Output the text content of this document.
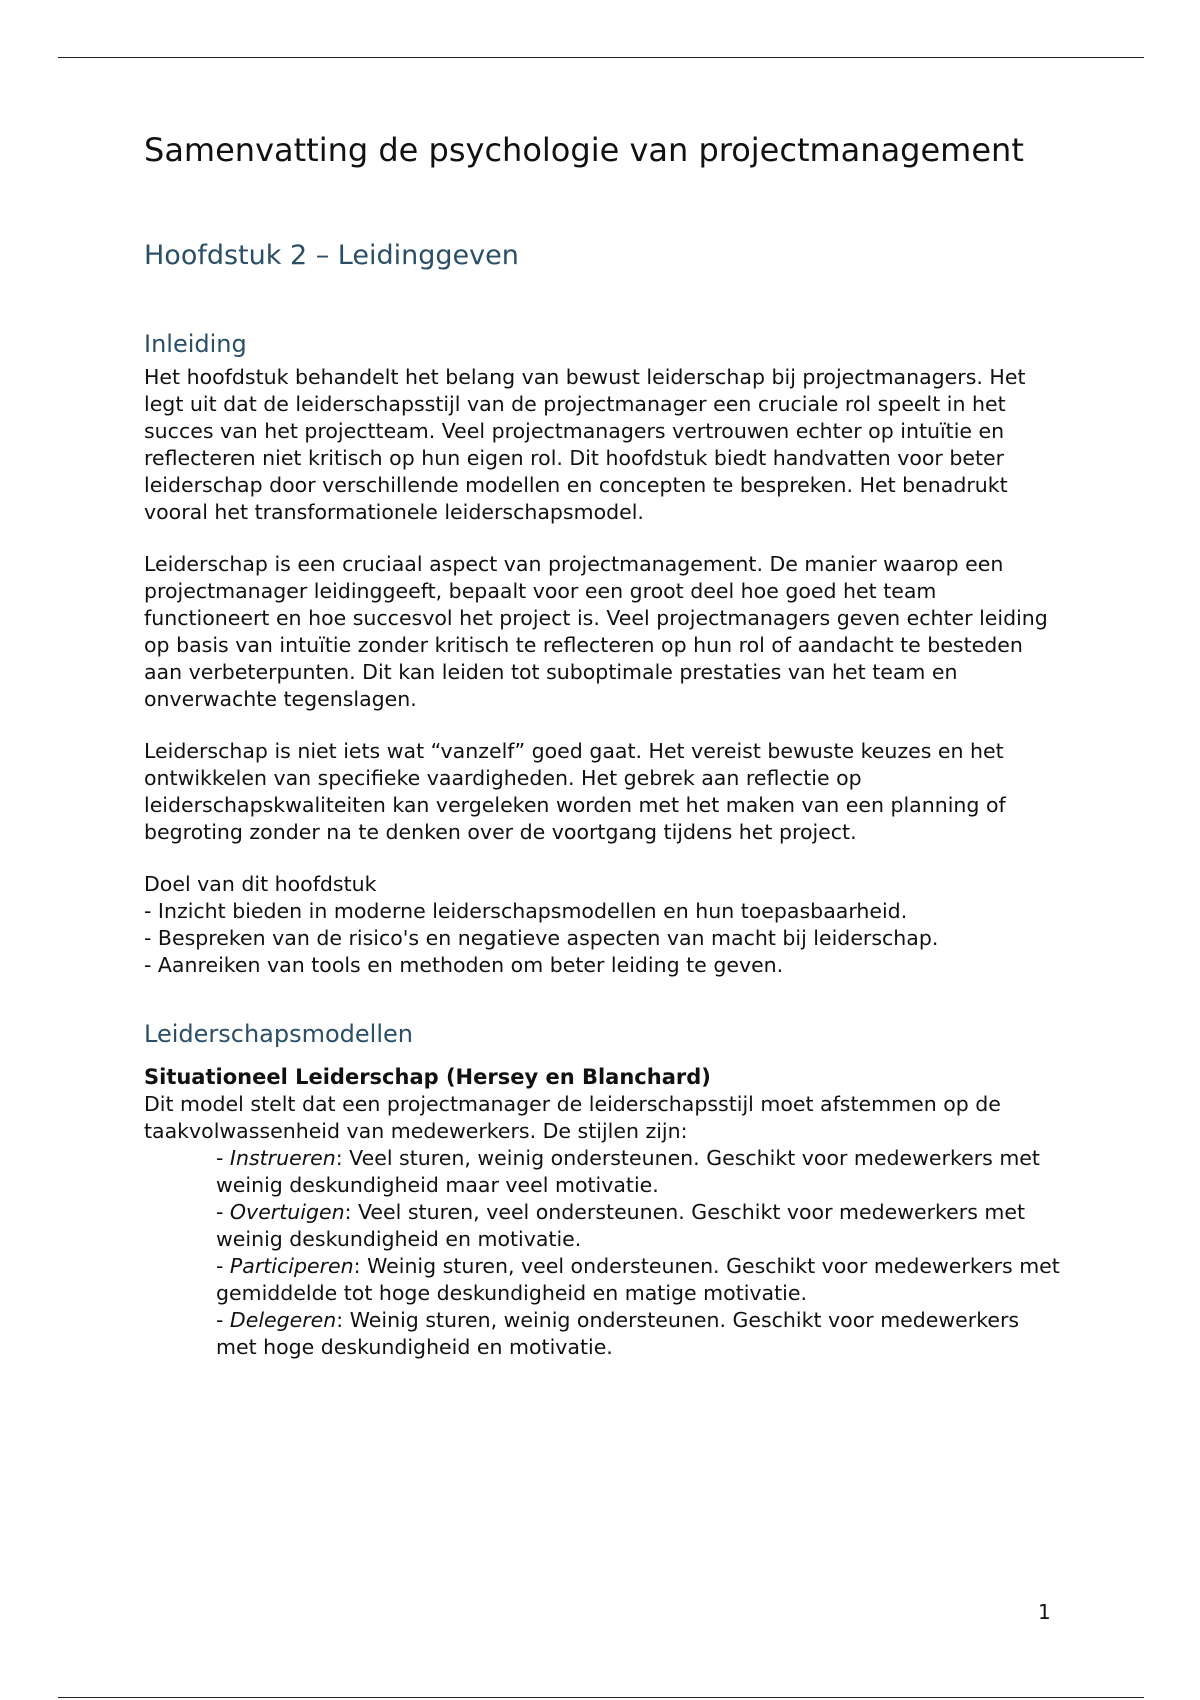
Samenvatting de psychologie van projectmanagement
Hoofdstuk 2 – Leidinggeven
Inleiding

Het hoofdstuk behandelt het belang van bewust leiderschap bij projectmanagers. Het legt uit dat de leiderschapsstijl van de projectmanager een cruciale rol speelt in het succes van het projectteam. Veel projectmanagers vertrouwen echter op intuïtie en reflecteren niet kritisch op hun eigen rol. Dit hoofdstuk biedt handvatten voor beter leiderschap door verschillende modellen en concepten te bespreken. Het benadrukt vooral het transformationele leiderschapsmodel.

Leiderschap is een cruciaal aspect van projectmanagement. De manier waarop een projectmanager leidinggeeft, bepaalt voor een groot deel hoe goed het team functioneert en hoe succesvol het project is. Veel projectmanagers geven echter leiding op basis van intuïtie zonder kritisch te reflecteren op hun rol of aandacht te besteden aan verbeterpunten. Dit kan leiden tot suboptimale prestaties van het team en onverwachte tegenslagen.

Leiderschap is niet iets wat “vanzelf” goed gaat. Het vereist bewuste keuzes en het ontwikkelen van specifieke vaardigheden. Het gebrek aan reflectie op leiderschapskwaliteiten kan vergeleken worden met het maken van een planning of begroting zonder na te denken over de voortgang tijdens het project.

Doel van dit hoofdstuk

- Inzicht bieden in moderne leiderschapsmodellen en hun toepasbaarheid.
- Bespreken van de risico's en negatieve aspecten van macht bij leiderschap.
- Aanreiken van tools en methoden om beter leiding te geven.
Leiderschapsmodellen

Situationeel Leiderschap (Hersey en Blanchard)

Dit model stelt dat een projectmanager de leiderschapsstijl moet afstemmen op de taakvolwassenheid van medewerkers. De stijlen zijn:

- Instrueren: Veel sturen, weinig ondersteunen. Geschikt voor medewerkers met weinig deskundigheid maar veel motivatie.
- Overtuigen: Veel sturen, veel ondersteunen. Geschikt voor medewerkers met weinig deskundigheid en motivatie.
- Participeren: Weinig sturen, veel ondersteunen. Geschikt voor medewerkers met gemiddelde tot hoge deskundigheid en matige motivatie.
- Delegeren: Weinig sturen, weinig ondersteunen. Geschikt voor medewerkers met hoge deskundigheid en motivatie.
1
